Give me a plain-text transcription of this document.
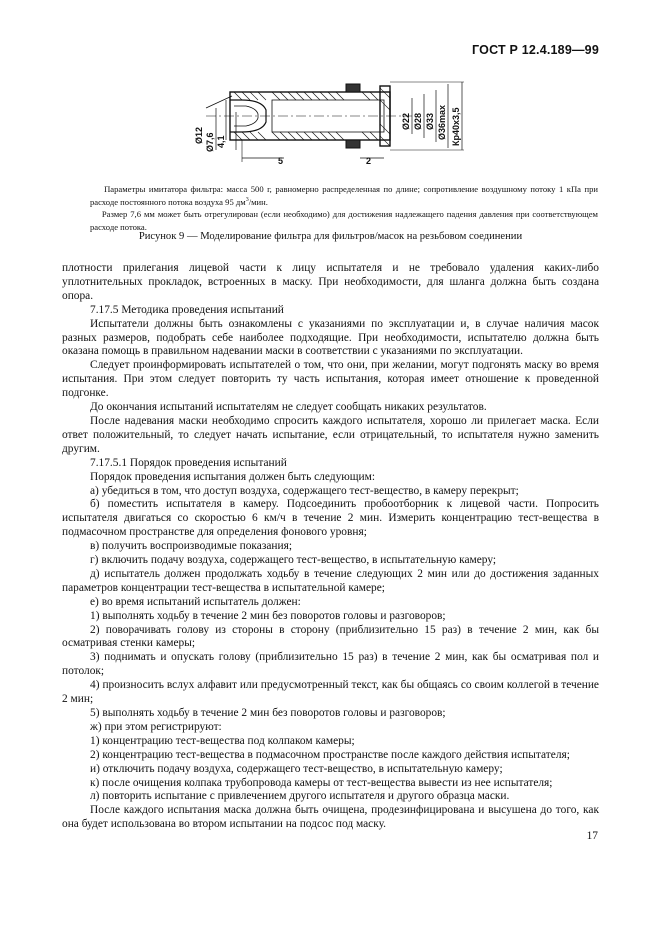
ГОСТ Р 12.4.189—99
Ø12 Ø7,6 4,1
5	2
Ø22 Ø28 Ø33 Ø36max Кр40х3,5

Параметры имитатора фильтра: масса 500 г, равномерно распределенная по длине; сопротивление воздушному потоку 1 кПа при расходе постоянного потока воздуха 95 $дм^3$/мин.

Размер 7,6 мм может быть отрегулирован (если необходимо) для достижения надлежащего падения давления при соответствующем расходе потока.

Рисунок 9 — Моделирование фильтра для фильтров/масок на резьбовом соединении

плотности прилегания лицевой части к лицу испытателя и не требовало удаления каких-либо уплотнительных прокладок, встроенных в маску. При необходимости, для шланга должна быть создана опора.

7.17.5 Методика проведения испытаний

Испытатели должны быть ознакомлены с указаниями по эксплуатации и, в случае наличия масок разных размеров, подобрать себе наиболее подходящие. При необходимости, испытателю должна быть оказана помощь в правильном надевании маски в соответствии с указаниями по эксплуатации.

Следует проинформировать испытателей о том, что они, при желании, могут подгонять маску во время испытания. При этом следует повторить ту часть испытания, которая имеет отношение к проведенной подгонке.

До окончания испытаний испытателям не следует сообщать никаких результатов.

После надевания маски необходимо спросить каждого испытателя, хорошо ли прилегает маска. Если ответ положительный, то следует начать испытание, если отрицательный, то испытателя нужно заменить другим.

7.17.5.1 Порядок проведения испытаний

Порядок проведения испытания должен быть следующим:

а) убедиться в том, что доступ воздуха, содержащего тест-вещество, в камеру перекрыт;

б) поместить испытателя в камеру. Подсоединить пробоотборник к лицевой части. Попросить испытателя двигаться со скоростью 6 км/ч в течение 2 мин. Измерить концентрацию тест-вещества в подмасочном пространстве для определения фонового уровня;

в) получить воспроизводимые показания;

г) включить подачу воздуха, содержащего тест-вещество, в испытательную камеру;

д) испытатель должен продолжать ходьбу в течение следующих 2 мин или до достижения заданных параметров концентрации тест-вещества в испытательной камере;

е) во время испытаний испытатель должен:

1) выполнять ходьбу в течение 2 мин без поворотов головы и разговоров;

2) поворачивать голову из стороны в сторону (приблизительно 15 раз) в течение 2 мин, как бы осматривая стенки камеры;

3) поднимать и опускать голову (приблизительно 15 раз) в течение 2 мин, как бы осматривая пол и потолок;

4) произносить вслух алфавит или предусмотренный текст, как бы общаясь со своим коллегой в течение 2 мин;

5) выполнять ходьбу в течение 2 мин без поворотов головы и разговоров;

ж) при этом регистрируют:

1) концентрацию тест-вещества под колпаком камеры;

2) концентрацию тест-вещества в подмасочном пространстве после каждого действия испытателя;

и) отключить подачу воздуха, содержащего тест-вещество, в испытательную камеру;

к) после очищения колпака трубопровода камеры от тест-вещества вывести из нее испытателя;

л) повторить испытание с привлечением другого испытателя и другого образца маски.

После каждого испытания маска должна быть очищена, продезинфицирована и высушена до того, как она будет использована во втором испытании на подсос под маску.

17
